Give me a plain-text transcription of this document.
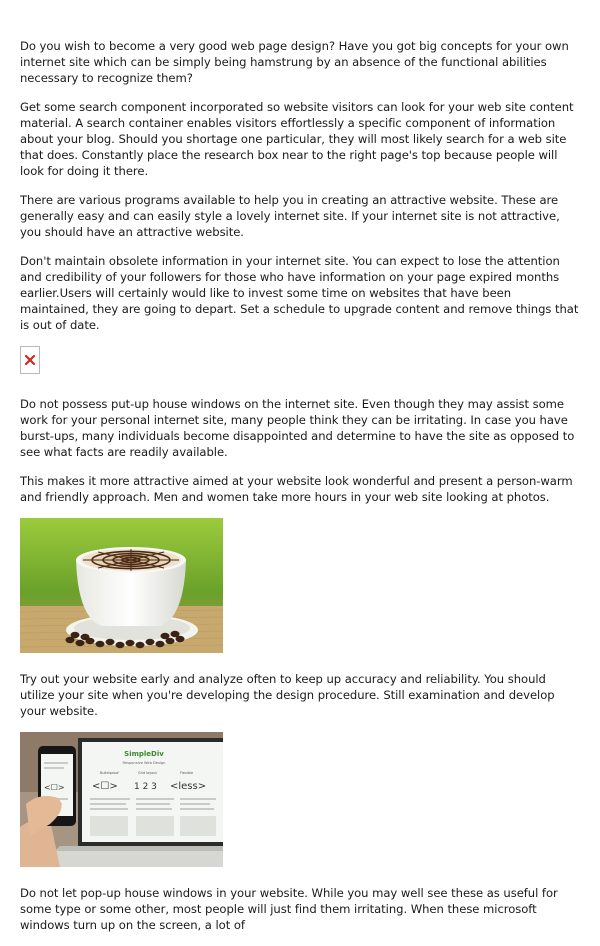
Do you wish to become a very good web page design? Have you got big concepts for your own internet site which can be simply being hamstrung by an absence of the functional abilities necessary to recognize them?

Get some search component incorporated so website visitors can look for your web site content material. A search container enables visitors effortlessly a specific component of information about your blog. Should you shortage one particular, they will most likely search for a web site that does. Constantly place the research box near to the right page's top because people will look for doing it there.

There are various programs available to help you in creating an attractive website. These are generally easy and can easily style a lovely internet site. If your internet site is not attractive, you should have an attractive website.

Don't maintain obsolete information in your internet site. You can expect to lose the attention and credibility of your followers for those who have information on your page expired months earlier.Users will certainly would like to invest some time on websites that have been maintained, they are going to depart. Set a schedule to upgrade content and remove things that is out of date.

Do not possess put-up house windows on the internet site. Even though they may assist some work for your personal internet site, many people think they can be irritating. In case you have burst-ups, many individuals become disappointed and determine to have the site as opposed to see what facts are readily available.

This makes it more attractive aimed at your website look wonderful and present a person-warm and friendly approach. Men and women take more hours in your web site looking at photos.

Try out your website early and analyze often to keep up accuracy and reliability. You should utilize your site when you're developing the design procedure. Still examination and develop your website.

SimpleDiv
Responsive Web Design
Bulletproof	Grid layout	Flexible
<☐> 1 2 3 <less>
<☐>

Do not let pop-up house windows in your website. While you may well see these as useful for some type or some other, most people will just find them irritating. When these microsoft windows turn up on the screen, a lot of
